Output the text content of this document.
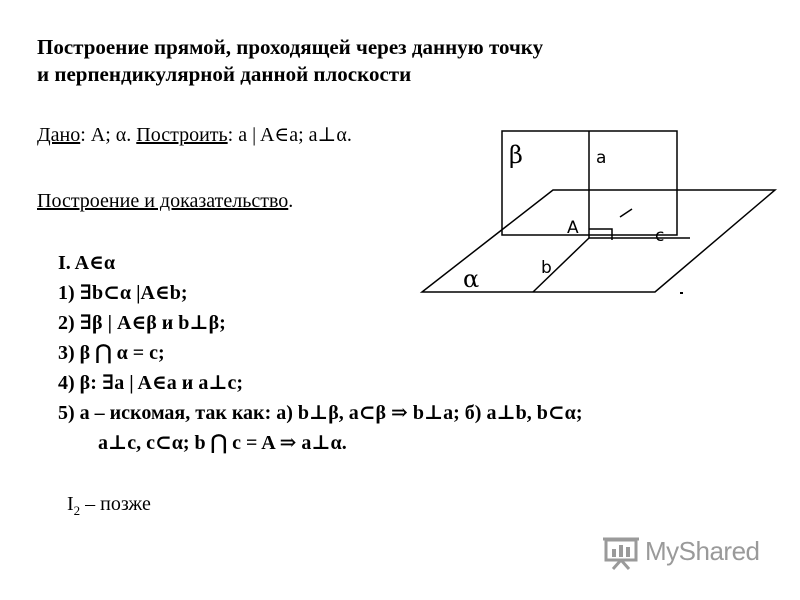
Построение прямой, проходящей через данную точку
и перпендикулярной данной плоскости
Дано: A; α. Построить: a | A∈a; a⊥α.
Построение и доказательство.
I. A∈α
1) ∃b⊂α |A∈b;
2) ∃β | A∈β и b⊥β;
3) β ⋂ α = c;
4) β: ∃a | A∈a и a⊥c;
5) a – искомая, так как: а) b⊥β, a⊂β ⇒ b⊥a; б) a⊥b, b⊂α;
a⊥c, c⊂α; b ⋂ c = A ⇒ a⊥α.
$I_2$ – позже
β	a
A	c
b
α
MyShared
